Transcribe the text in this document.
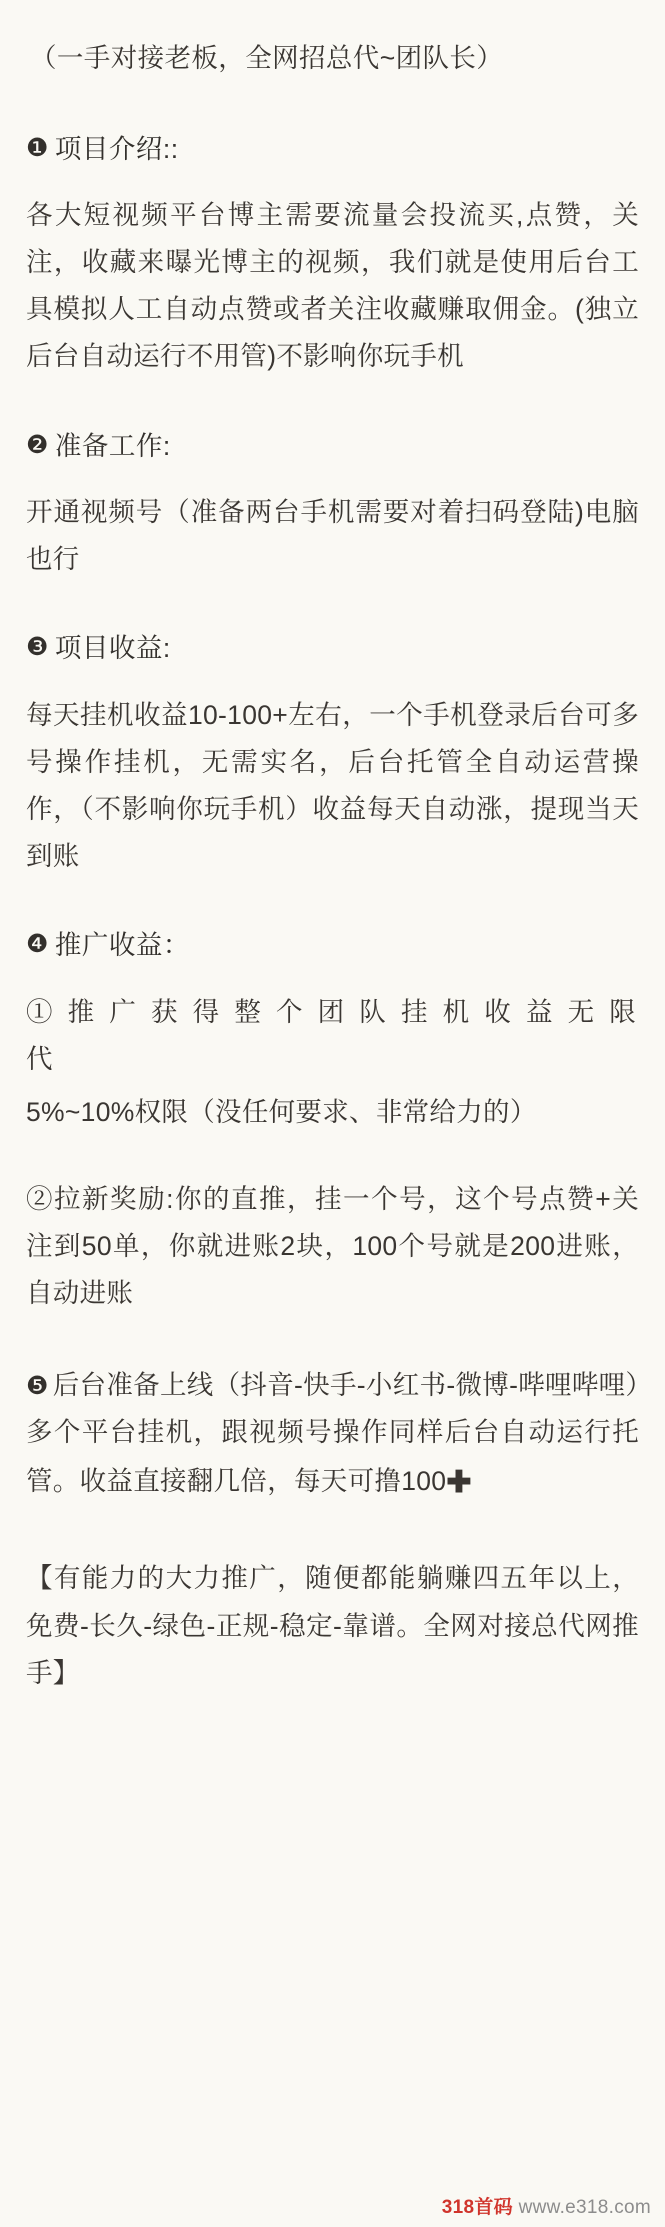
（一手对接老板，全网招总代~团队长）

❶ 项目介绍::

各大短视频平台博主需要流量会投流买,点赞，关注，收藏来曝光博主的视频，我们就是使用后台工具模拟人工自动点赞或者关注收藏赚取佣金。(独立后台自动运行不用管)不影响你玩手机

❷ 准备工作:

开通视频号（准备两台手机需要对着扫码登陆)电脑也行

❸ 项目收益:

每天挂机收益10-100+左右，一个手机登录后台可多号操作挂机，无需实名，后台托管全自动运营操作，（不影响你玩手机）收益每天自动涨，提现当天到账

❹ 推广收益：

① 推 广 获 得 整 个 团 队 挂 机 收 益 无 限 代

5%~10%权限（没任何要求、非常给力的）

②拉新奖励:你的直推，挂一个号，这个号点赞+关注到50单，你就进账2块，100个号就是200进账，自动进账

❺ 后台准备上线（抖音-快手-小红书-微博-哔哩哔哩）多个平台挂机，跟视频号操作同样后台自动运行托管。收益直接翻几倍，每天可撸100✚

【有能力的大力推广，随便都能躺赚四五年以上，免费-长久-绿色-正规-稳定-靠谱。全网对接总代网推手】

318首码 www.e318.com
